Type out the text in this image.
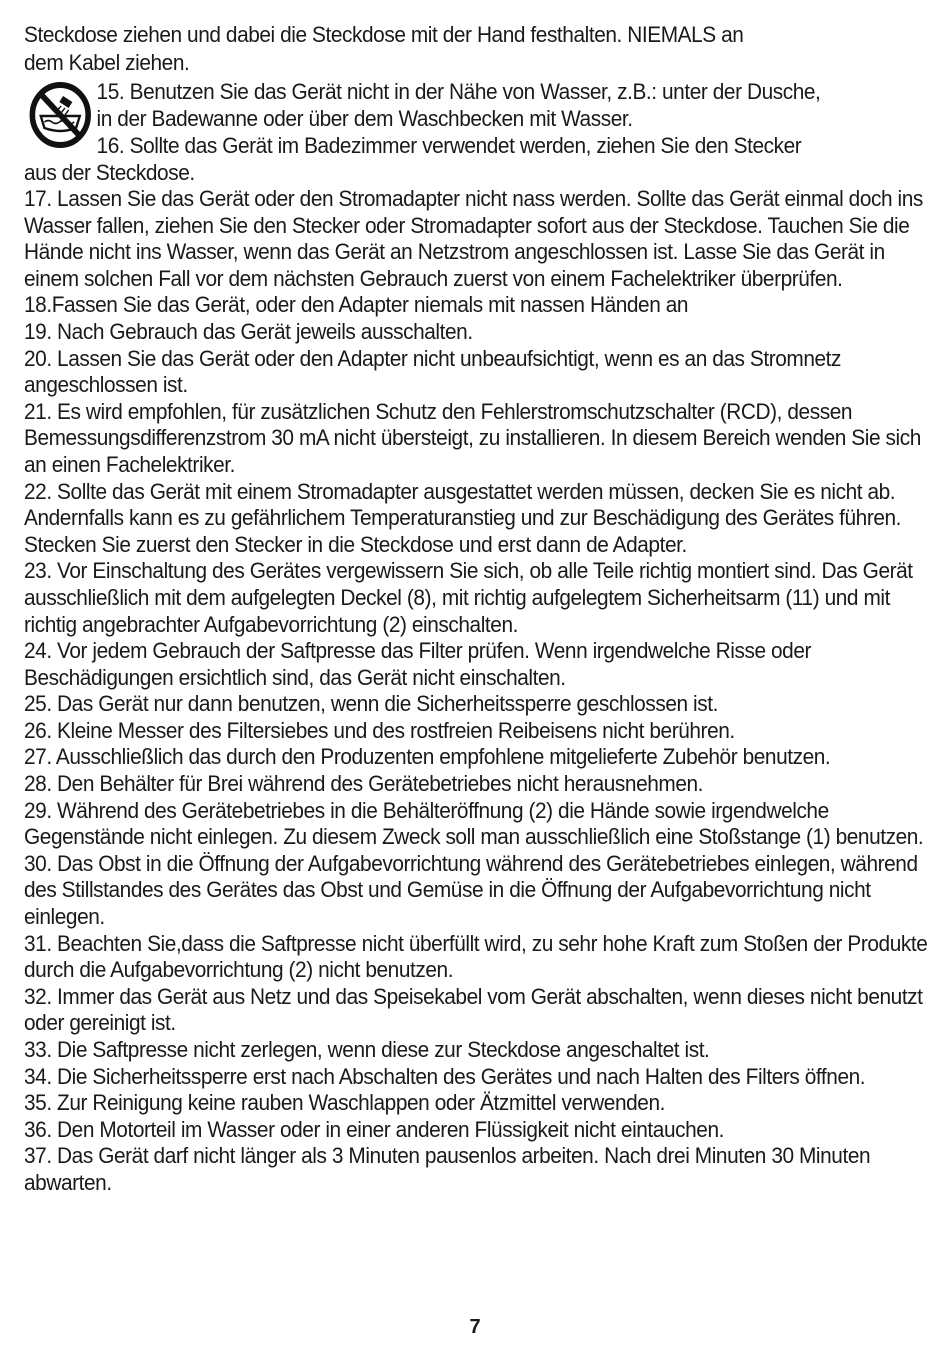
Steckdose ziehen und dabei die Steckdose mit der Hand festhalten. NIEMALS an

dem Kabel ziehen.

15. Benutzen Sie das Gerät nicht in der Nähe von Wasser, z.B.: unter der Dusche,

in der Badewanne oder über dem Waschbecken mit Wasser.

16. Sollte das Gerät im Badezimmer verwendet werden, ziehen Sie den Stecker

aus der Steckdose.

17. Lassen Sie das Gerät oder den Stromadapter nicht nass werden. Sollte das Gerät einmal doch ins Wasser fallen, ziehen Sie den Stecker oder Stromadapter sofort aus der Steckdose. Tauchen Sie die Hände nicht ins Wasser, wenn das Gerät an Netzstrom angeschlossen ist. Lasse Sie das Gerät in einem solchen Fall vor dem nächsten Gebrauch zuerst von einem Fachelektriker überprüfen.

18.Fassen Sie das Gerät, oder den Adapter niemals mit nassen Händen an

19. Nach Gebrauch das Gerät jeweils ausschalten.

20. Lassen Sie das Gerät oder den Adapter nicht unbeaufsichtigt, wenn es an das Stromnetz angeschlossen ist.

21. Es wird empfohlen, für zusätzlichen Schutz den Fehlerstromschutzschalter (RCD), dessen Bemessungsdifferenzstrom 30 mA nicht übersteigt, zu installieren. In diesem Bereich wenden Sie sich an einen Fachelektriker.

22. Sollte das Gerät mit einem Stromadapter ausgestattet werden müssen, decken Sie es nicht ab. Andernfalls kann es zu gefährlichem Temperaturanstieg und zur Beschädigung des Gerätes führen. Stecken Sie zuerst den Stecker in die Steckdose und erst dann de Adapter.

23. Vor Einschaltung des Gerätes vergewissern Sie sich, ob alle Teile richtig montiert sind. Das Gerät ausschließlich mit dem aufgelegten Deckel (8), mit richtig aufgelegtem Sicherheitsarm (11) und mit richtig angebrachter Aufgabevorrichtung (2) einschalten.

24. Vor jedem Gebrauch der Saftpresse das Filter prüfen. Wenn irgendwelche Risse oder Beschädigungen ersichtlich sind, das Gerät nicht einschalten.

25. Das Gerät nur dann benutzen, wenn die Sicherheitssperre geschlossen ist.

26. Kleine Messer des Filtersiebes und des rostfreien Reibeisens nicht berühren.

27. Ausschließlich das durch den Produzenten empfohlene mitgelieferte Zubehör benutzen.

28. Den Behälter für Brei während des Gerätebetriebes nicht herausnehmen.

29. Während des Gerätebetriebes in die Behälteröffnung (2) die Hände sowie irgendwelche Gegenstände nicht einlegen. Zu diesem Zweck soll man ausschließlich eine Stoßstange (1) benutzen.

30. Das Obst in die Öffnung der Aufgabevorrichtung während des Gerätebetriebes einlegen, während des Stillstandes des Gerätes das Obst und Gemüse in die Öffnung der Aufgabevorrichtung nicht einlegen.

31. Beachten Sie,dass die Saftpresse nicht überfüllt wird, zu sehr hohe Kraft zum Stoßen der Produkte durch die Aufgabevorrichtung (2) nicht benutzen.

32. Immer das Gerät aus Netz und das Speisekabel vom Gerät abschalten, wenn dieses nicht benutzt oder gereinigt ist.

33. Die Saftpresse nicht zerlegen, wenn diese zur Steckdose angeschaltet ist.

34. Die Sicherheitssperre erst nach Abschalten des Gerätes und nach Halten des Filters öffnen.

35. Zur Reinigung keine rauben Waschlappen oder Ätzmittel verwenden.

36. Den Motorteil im Wasser oder in einer anderen Flüssigkeit nicht eintauchen.

37. Das Gerät darf nicht länger als 3 Minuten pausenlos arbeiten. Nach drei Minuten 30 Minuten abwarten.

7
